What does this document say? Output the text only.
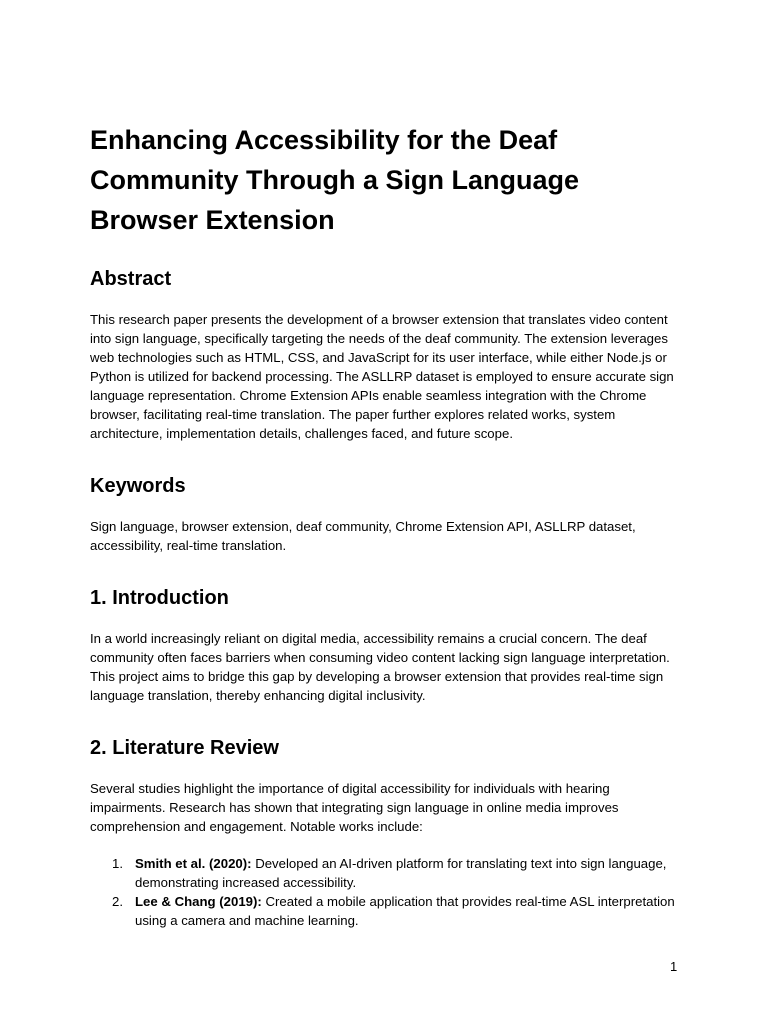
Enhancing Accessibility for the Deaf Community Through a Sign Language Browser Extension
Abstract

This research paper presents the development of a browser extension that translates video content into sign language, specifically targeting the needs of the deaf community. The extension leverages web technologies such as HTML, CSS, and JavaScript for its user interface, while either Node.js or Python is utilized for backend processing. The ASLLRP dataset is employed to ensure accurate sign language representation. Chrome Extension APIs enable seamless integration with the Chrome browser, facilitating real-time translation. The paper further explores related works, system architecture, implementation details, challenges faced, and future scope.

Keywords

Sign language, browser extension, deaf community, Chrome Extension API, ASLLRP dataset, accessibility, real-time translation.

1. Introduction

In a world increasingly reliant on digital media, accessibility remains a crucial concern. The deaf community often faces barriers when consuming video content lacking sign language interpretation. This project aims to bridge this gap by developing a browser extension that provides real-time sign language translation, thereby enhancing digital inclusivity.

2. Literature Review

Several studies highlight the importance of digital accessibility for individuals with hearing impairments. Research has shown that integrating sign language in online media improves comprehension and engagement. Notable works include:

1. Smith et al. (2020): Developed an AI-driven platform for translating text into sign language, demonstrating increased accessibility.
2. Lee & Chang (2019): Created a mobile application that provides real-time ASL interpretation using a camera and machine learning.
1
